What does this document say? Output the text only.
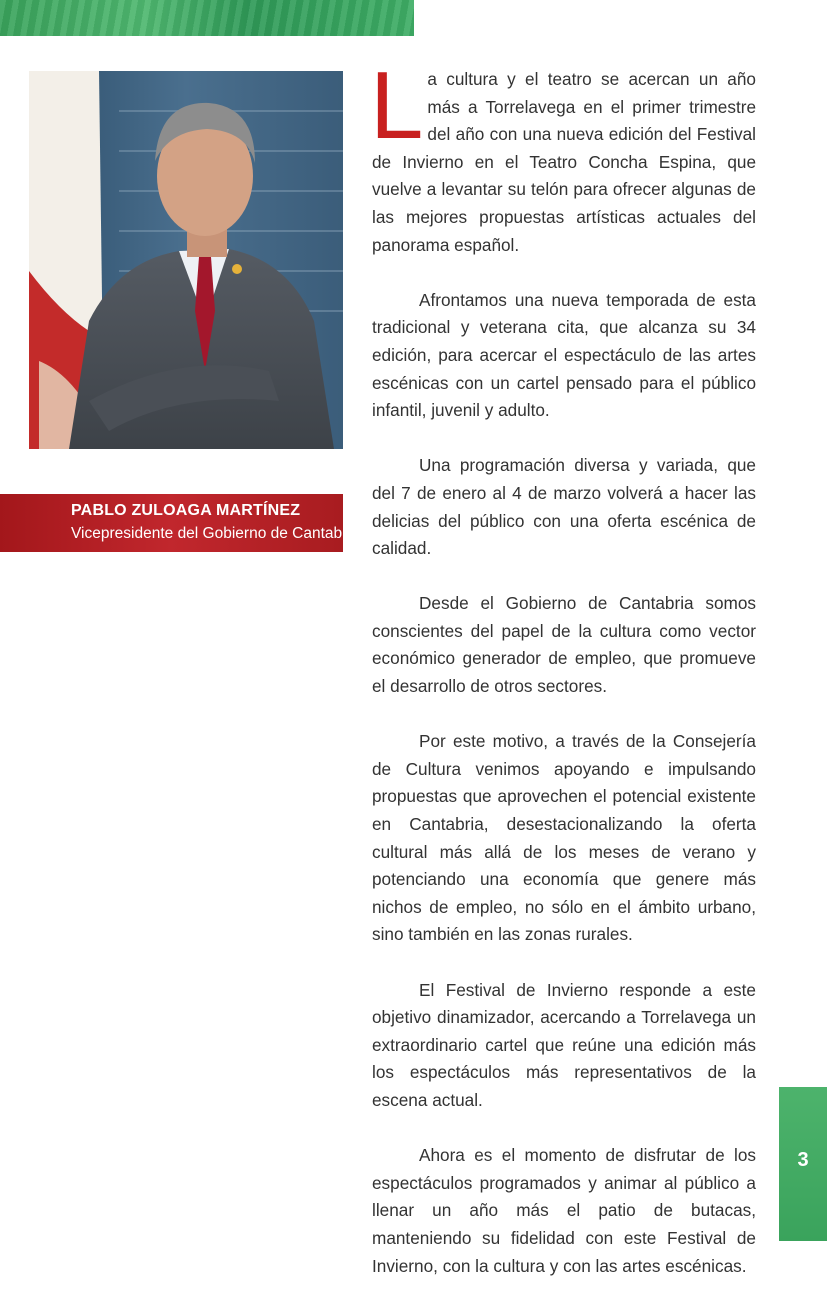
PABLO ZULOAGA MARTÍNEZ
Vicepresidente del Gobierno de Cantabria

La cultura y el teatro se acercan un año más a Torrelavega en el primer trimestre del año con una nueva edición del Festival de Invierno en el Teatro Concha Espina, que vuelve a levantar su telón para ofrecer algunas de las mejores propuestas artísticas actuales del panorama español.

Afrontamos una nueva temporada de esta tradicional y veterana cita, que alcanza su 34 edición, para acercar el espectáculo de las artes escénicas con un cartel pensado para el público infantil, juvenil y adulto.

Una programación diversa y variada, que del 7 de enero al 4 de marzo volverá a hacer las delicias del público con una oferta escénica de calidad.

Desde el Gobierno de Cantabria somos conscientes del papel de la cultura como vector económico generador de empleo, que promueve el desarrollo de otros sectores.

Por este motivo, a través de la Consejería de Cultura venimos apoyando e impulsando propuestas que aprovechen el potencial existente en Cantabria, desestacionalizando la oferta cultural más allá de los meses de verano y potenciando una economía que genere más nichos de empleo, no sólo en el ámbito urbano, sino también en las zonas rurales.

El Festival de Invierno responde a este objetivo dinamizador, acercando a Torrelavega un extraordinario cartel que reúne una edición más los espectáculos más representativos de la escena actual.

Ahora es el momento de disfrutar de los espectáculos programados y animar al público a llenar un año más el patio de butacas, manteniendo su fidelidad con este Festival de Invierno, con la cultura y con las artes escénicas.

3
